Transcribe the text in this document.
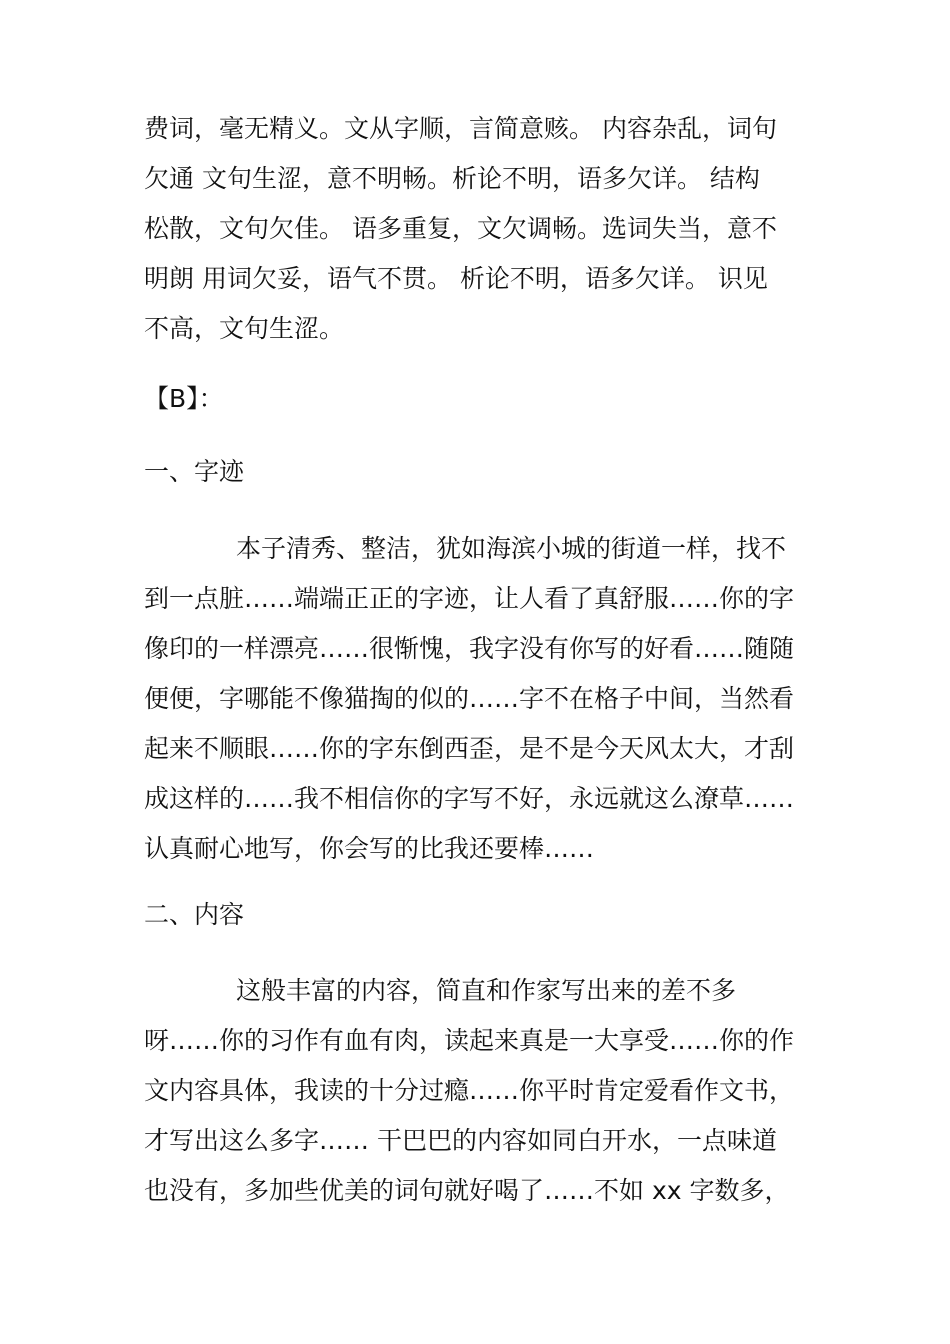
费词，毫无精义。文从字顺，言简意赅。 内容杂乱，词句
欠通 文句生涩，意不明畅。析论不明，语多欠详。 结构
松散，文句欠佳。 语多重复，文欠调畅。选词失当，意不
明朗 用词欠妥，语气不贯。 析论不明，语多欠详。 识见
不高，文句生涩。
【B】：
一、字迹
本子清秀、整洁，犹如海滨小城的街道一样，找不
到一点脏……端端正正的字迹，让人看了真舒服……你的字
像印的一样漂亮……很惭愧，我字没有你写的好看……随随
便便，字哪能不像猫掏的似的……字不在格子中间，当然看
起来不顺眼……你的字东倒西歪，是不是今天风太大，才刮
成这样的……我不相信你的字写不好，永远就这么潦草……
认真耐心地写，你会写的比我还要棒……
二、内容
这般丰富的内容，简直和作家写出来的差不多
呀……你的习作有血有肉，读起来真是一大享受……你的作
文内容具体，我读的十分过瘾……你平时肯定爱看作文书，
才写出这么多字…… 干巴巴的内容如同白开水，一点味道
也没有，多加些优美的词句就好喝了……不如 xx 字数多，
